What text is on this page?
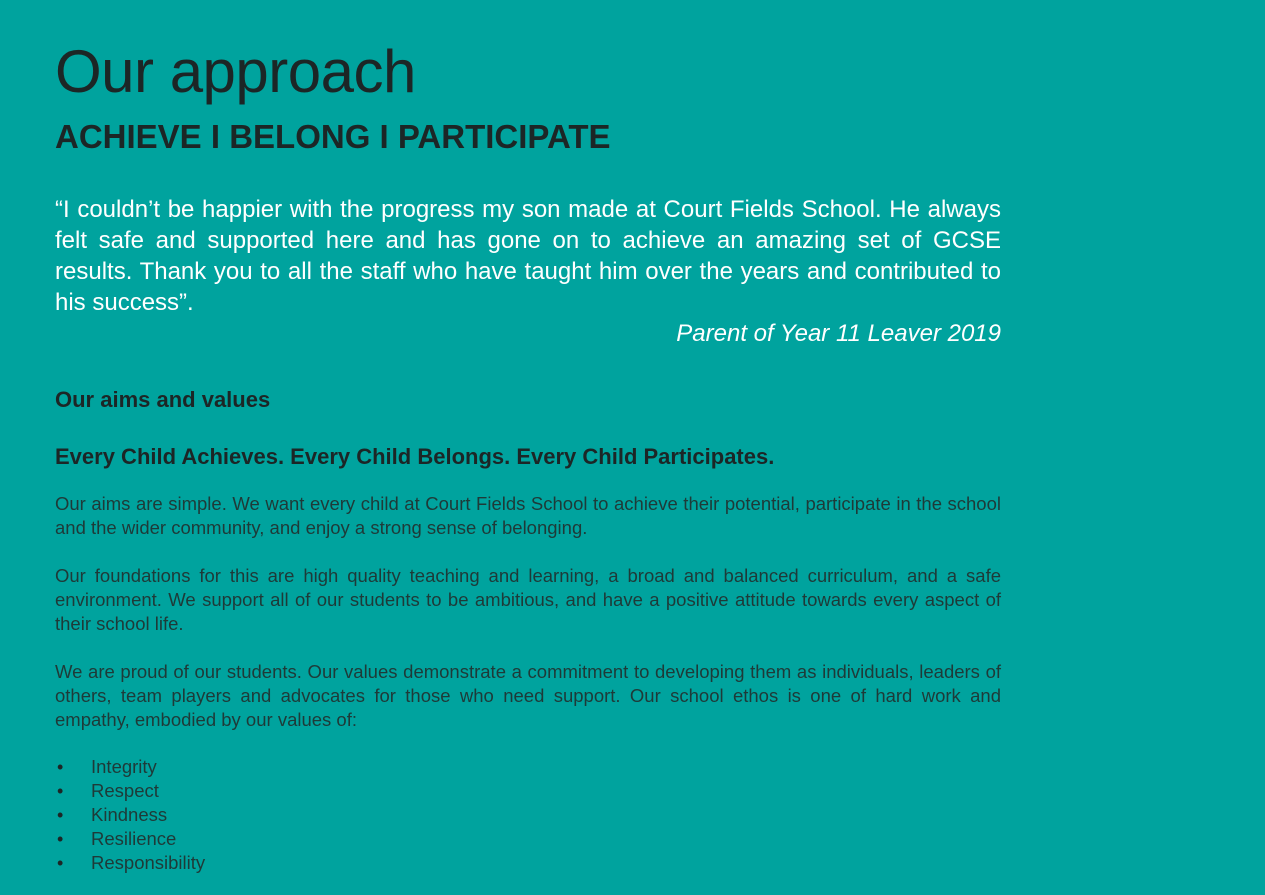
Our approach
ACHIEVE I BELONG I PARTICIPATE

“I couldn’t be happier with the progress my son made at Court Fields School. He always felt safe and supported here and has gone on to achieve an amazing set of GCSE results. Thank you to all the staff who have taught him over the years and contributed to his success”.

Parent of Year 11 Leaver 2019

Our aims and values
Every Child Achieves. Every Child Belongs. Every Child Participates.

Our aims are simple. We want every child at Court Fields School to achieve their potential, participate in the school and the wider community, and enjoy a strong sense of belonging.

Our foundations for this are high quality teaching and learning, a broad and balanced curriculum, and a safe environment. We support all of our students to be ambitious, and have a positive attitude towards every aspect of their school life.

We are proud of our students. Our values demonstrate a commitment to developing them as individuals, leaders of others, team players and advocates for those who need support. Our school ethos is one of hard work and empathy, embodied by our values of:

• Integrity
• Respect
• Kindness
• Resilience
• Responsibility
